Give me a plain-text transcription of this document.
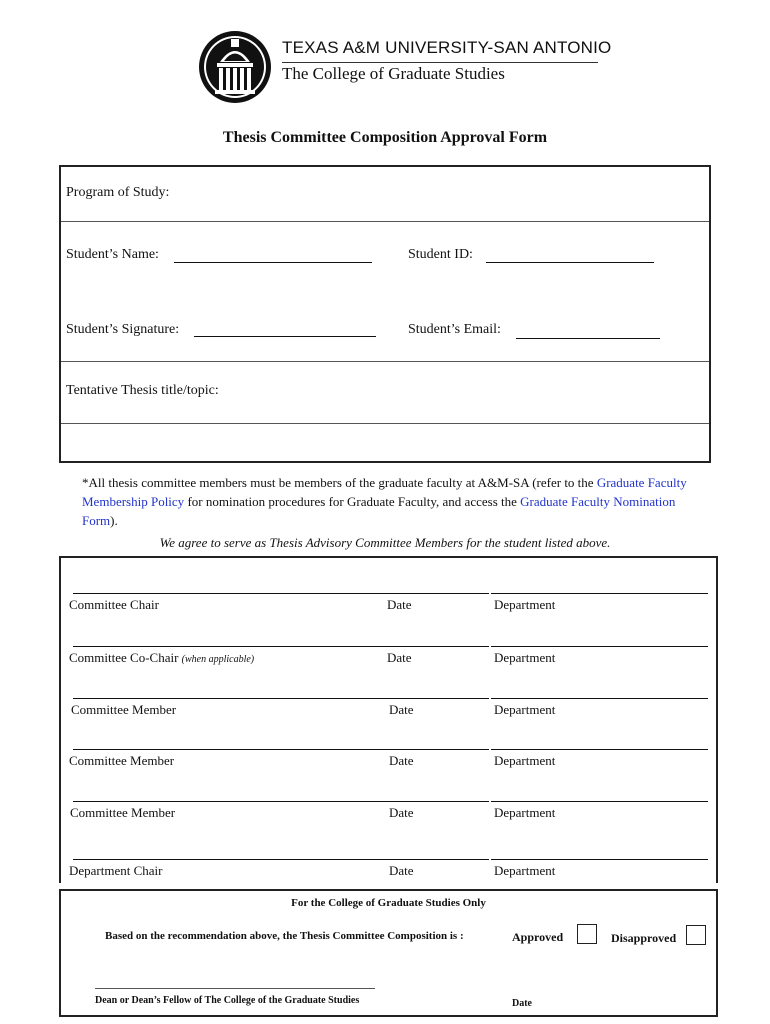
TEXAS A&M UNIVERSITY-SAN ANTONIO
The College of Graduate Studies
Thesis Committee Composition Approval Form
Program of Study:
Student’s Name:	Student ID:
Student’s Signature:	Student’s Email:
Tentative Thesis title/topic:
*All thesis committee members must be members of the graduate faculty at A&M-SA (refer to the Graduate Faculty Membership Policy for nomination procedures for Graduate Faculty, and access the Graduate Faculty Nomination Form).
We agree to serve as Thesis Advisory Committee Members for the student listed above.
Committee Chair	Date	Department
Committee Co-Chair (when applicable)	Date	Department
Committee Member	Date	Department
Committee Member	Date	Department
Committee Member	Date	Department
Department Chair	Date	Department
For the College of Graduate Studies Only
Based on the recommendation above, the Thesis Committee Composition is :	Approved	Disapproved
Dean or Dean’s Fellow of The College of the Graduate Studies	Date
